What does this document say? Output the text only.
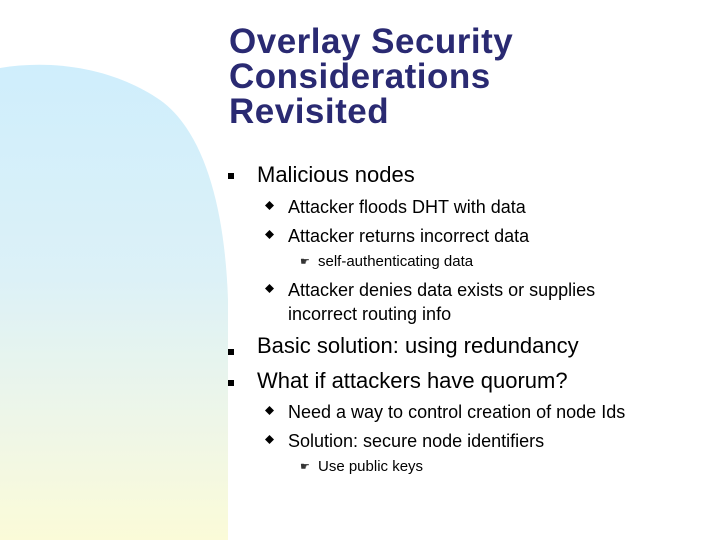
Overlay Security
Considerations
Revisited
Malicious nodes
Attacker floods DHT with data
Attacker returns incorrect data
☛ self-authenticating data
Attacker denies data exists or supplies
incorrect routing info
Basic solution: using redundancy
What if attackers have quorum?
Need a way to control creation of node Ids
Solution: secure node identifiers
☛ Use public keys
